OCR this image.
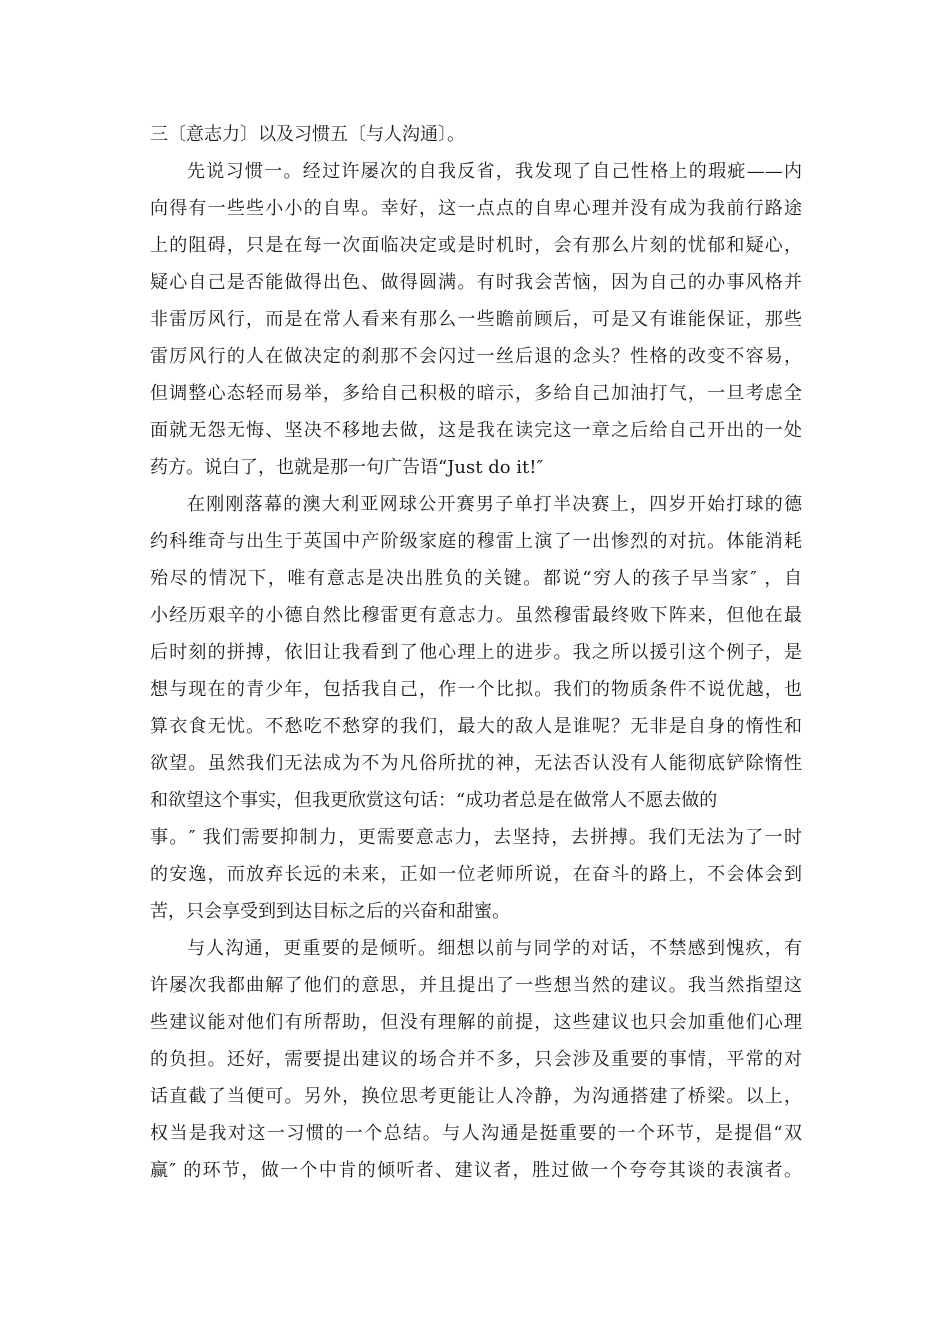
三〔意志力〕以及习惯五〔与人沟通〕。
先说习惯一。经过许屡次的自我反省，我发现了自己性格上的瑕疵——内
向得有一些些小小的自卑。幸好，这一点点的自卑心理并没有成为我前行路途
上的阻碍，只是在每一次面临决定或是时机时，会有那么片刻的忧郁和疑心，
疑心自己是否能做得出色、做得圆满。有时我会苦恼，因为自己的办事风格并
非雷厉风行，而是在常人看来有那么一些瞻前顾后，可是又有谁能保证，那些
雷厉风行的人在做决定的刹那不会闪过一丝后退的念头？性格的改变不容易，
但调整心态轻而易举，多给自己积极的暗示，多给自己加油打气，一旦考虑全
面就无怨无悔、坚决不移地去做，这是我在读完这一章之后给自己开出的一处
药方。说白了，也就是那一句广告语“Just do it!″
在刚刚落幕的澳大利亚网球公开赛男子单打半决赛上，四岁开始打球的德
约科维奇与出生于英国中产阶级家庭的穆雷上演了一出惨烈的对抗。体能消耗
殆尽的情况下，唯有意志是决出胜负的关键。都说“穷人的孩子早当家″ ，自
小经历艰辛的小德自然比穆雷更有意志力。虽然穆雷最终败下阵来，但他在最
后时刻的拼搏，依旧让我看到了他心理上的进步。我之所以援引这个例子，是
想与现在的青少年，包括我自己，作一个比拟。我们的物质条件不说优越，也
算衣食无忧。不愁吃不愁穿的我们，最大的敌人是谁呢？无非是自身的惰性和
欲望。虽然我们无法成为不为凡俗所扰的神，无法否认没有人能彻底铲除惰性
和欲望这个事实，但我更欣赏这句话：“成功者总是在做常人不愿去做的
事。″ 我们需要抑制力，更需要意志力，去坚持，去拼搏。我们无法为了一时
的安逸，而放弃长远的未来，正如一位老师所说，在奋斗的路上，不会体会到
苦，只会享受到到达目标之后的兴奋和甜蜜。
与人沟通，更重要的是倾听。细想以前与同学的对话，不禁感到愧疚，有
许屡次我都曲解了他们的意思，并且提出了一些想当然的建议。我当然指望这
些建议能对他们有所帮助，但没有理解的前提，这些建议也只会加重他们心理
的负担。还好，需要提出建议的场合并不多，只会涉及重要的事情，平常的对
话直截了当便可。另外，换位思考更能让人冷静，为沟通搭建了桥梁。以上，
权当是我对这一习惯的一个总结。与人沟通是挺重要的一个环节，是提倡“双
赢″ 的环节，做一个中肯的倾听者、建议者，胜过做一个夸夸其谈的表演者。
